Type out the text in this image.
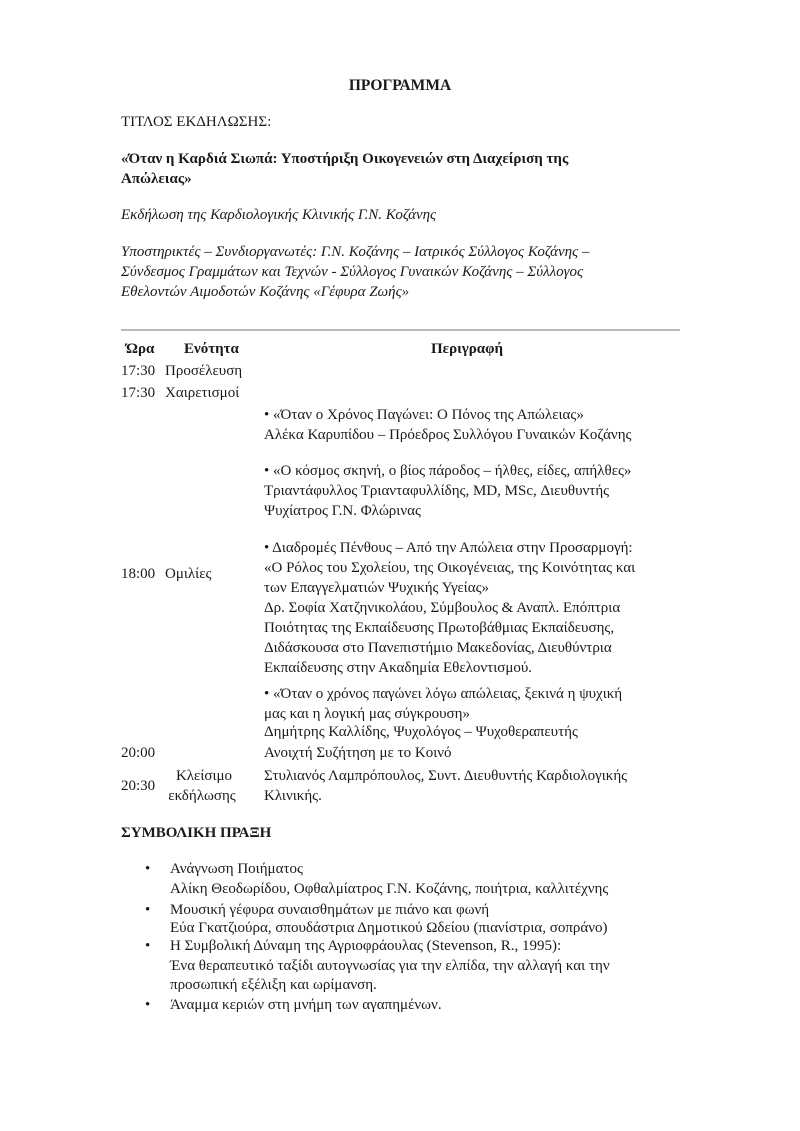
ΠΡΟΓΡΑΜΜΑ
ΤΙΤΛΟΣ ΕΚΔΗΛΩΣΗΣ:
«Όταν η Καρδιά Σιωπά: Υποστήριξη Οικογενειών στη Διαχείριση της
Απώλειας»
Εκδήλωση της Καρδιολογικής Κλινικής Γ.Ν. Κοζάνης
Υποστηρικτές – Συνδιοργανωτές: Γ.Ν. Κοζάνης – Ιατρικός Σύλλογος Κοζάνης –
Σύνδεσμος Γραμμάτων και Τεχνών - Σύλλογος Γυναικών Κοζάνης – Σύλλογος
Εθελοντών Αιμοδοτών Κοζάνης «Γέφυρα Ζωής»
Ώρα Ενότητα	Περιγραφή
17:30 Προσέλευση
17:30 Χαιρετισμοί
18:00 Ομιλίες
20:00
20:30
Κλείσιμο
εκδήλωσης
• «Όταν ο Χρόνος Παγώνει: Ο Πόνος της Απώλειας»
Αλέκα Καρυπίδου – Πρόεδρος Συλλόγου Γυναικών Κοζάνης
• «Ο κόσμος σκηνή, ο βίος πάροδος – ήλθες, είδες, απήλθες»
Τριαντάφυλλος Τριανταφυλλίδης, MD, MSc, Διευθυντής
Ψυχίατρος Γ.Ν. Φλώρινας
• Διαδρομές Πένθους – Από την Απώλεια στην Προσαρμογή:
«Ο Ρόλος του Σχολείου, της Οικογένειας, της Κοινότητας και
των Επαγγελματιών Ψυχικής Υγείας»
Δρ. Σοφία Χατζηνικολάου, Σύμβουλος & Αναπλ. Επόπτρια
Ποιότητας της Εκπαίδευσης Πρωτοβάθμιας Εκπαίδευσης,
Διδάσκουσα στο Πανεπιστήμιο Μακεδονίας, Διευθύντρια
Εκπαίδευσης στην Ακαδημία Εθελοντισμού.
• «Όταν ο χρόνος παγώνει λόγω απώλειας, ξεκινά η ψυχική
μας και η λογική μας σύγκρουση»
Δημήτρης Καλλίδης, Ψυχολόγος – Ψυχοθεραπευτής
Ανοιχτή Συζήτηση με το Κοινό
Στυλιανός Λαμπρόπουλος, Συντ. Διευθυντής Καρδιολογικής
Κλινικής.
ΣΥΜΒΟΛΙΚΗ ΠΡΑΞΗ
• Ανάγνωση Ποιήματος
Αλίκη Θεοδωρίδου, Οφθαλμίατρος Γ.Ν. Κοζάνης, ποιήτρια, καλλιτέχνης
• Μουσική γέφυρα συναισθημάτων με πιάνο και φωνή
Εύα Γκατζιούρα, σπουδάστρια Δημοτικού Ωδείου (πιανίστρια, σοπράνο)
• Η Συμβολική Δύναμη της Αγριοφράουλας (Stevenson, R., 1995):
Ένα θεραπευτικό ταξίδι αυτογνωσίας για την ελπίδα, την αλλαγή και την
προσωπική εξέλιξη και ωρίμανση.
• Άναμμα κεριών στη μνήμη των αγαπημένων.
